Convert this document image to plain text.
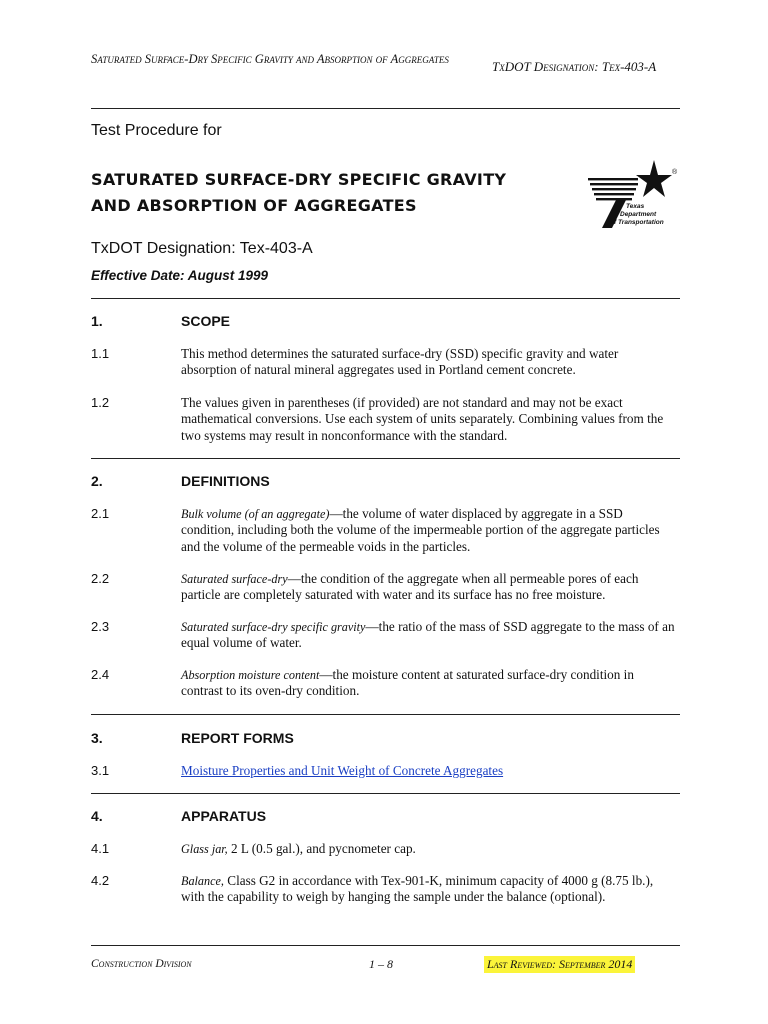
Saturated Surface-Dry Specific Gravity and Absorption of Aggregates	TxDOT Designation: Tex-403-A
Test Procedure for
SATURATED SURFACE-DRY SPECIFIC GRAVITY
AND ABSORPTION OF AGGREGATES
TxDOT Designation: Tex-403-A
Effective Date: August 1999
Texas
Department
of Transportation
®
1.	SCOPE
1.1	This method determines the saturated surface-dry (SSD) specific gravity and water absorption of natural mineral aggregates used in Portland cement concrete.
1.2	The values given in parentheses (if provided) are not standard and may not be exact mathematical conversions. Use each system of units separately. Combining values from the two systems may result in nonconformance with the standard.
2.	DEFINITIONS
2.1	Bulk volume (of an aggregate)—the volume of water displaced by aggregate in a SSD condition, including both the volume of the impermeable portion of the aggregate particles and the volume of the permeable voids in the particles.
2.2	Saturated surface-dry—the condition of the aggregate when all permeable pores of each particle are completely saturated with water and its surface has no free moisture.
2.3	Saturated surface-dry specific gravity—the ratio of the mass of SSD aggregate to the mass of an equal volume of water.
2.4	Absorption moisture content—the moisture content at saturated surface-dry condition in contrast to its oven-dry condition.
3.	REPORT FORMS
3.1	Moisture Properties and Unit Weight of Concrete Aggregates
4.	APPARATUS
4.1	Glass jar, 2 L (0.5 gal.), and pycnometer cap.
4.2	Balance, Class G2 in accordance with Tex-901-K, minimum capacity of 4000 g (8.75 lb.), with the capability to weigh by hanging the sample under the balance (optional).
Construction Division	1 – 8	Last Reviewed: September 2014
